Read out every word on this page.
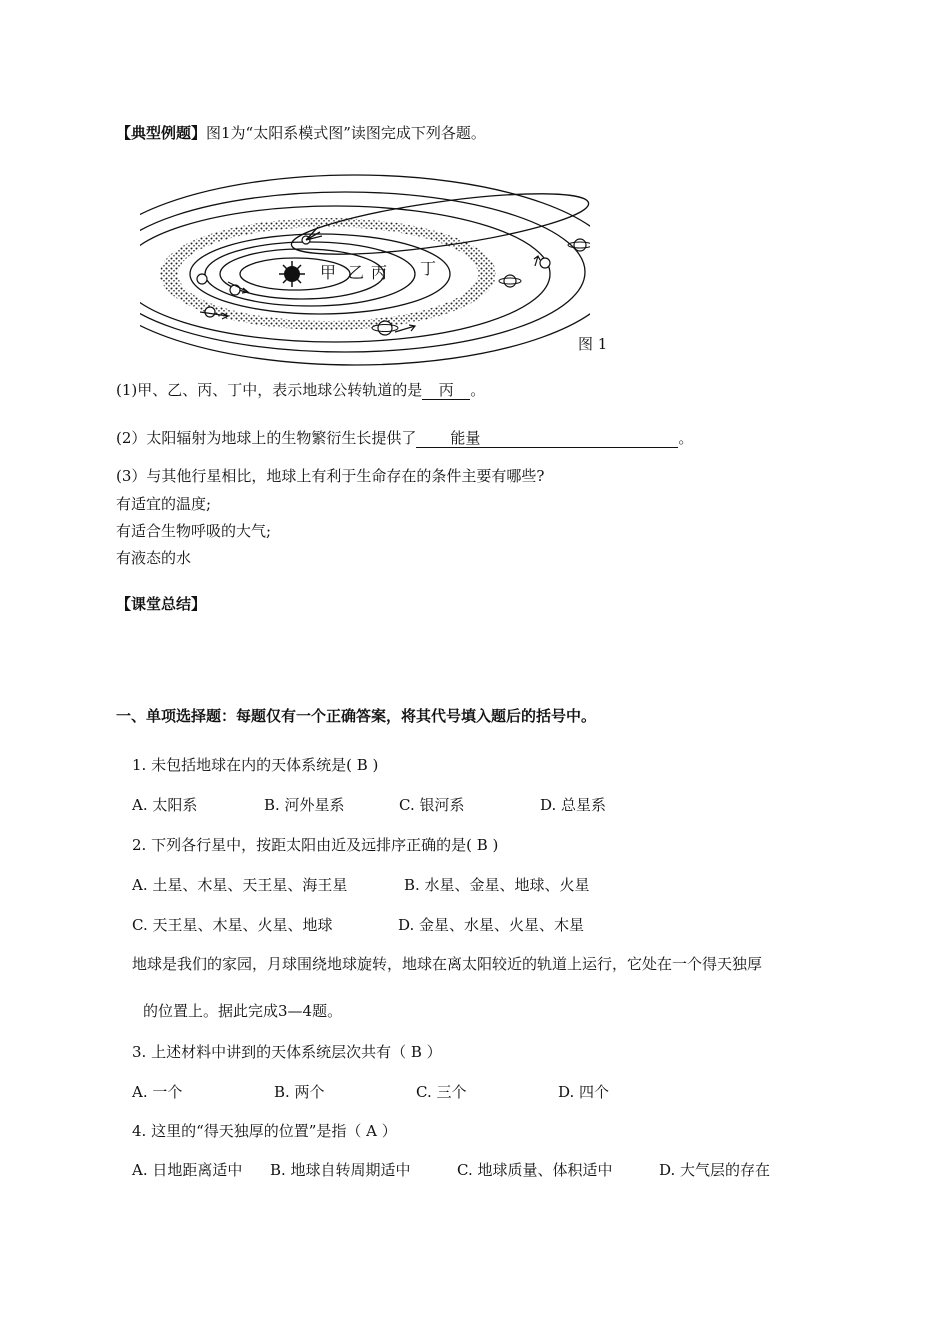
【典型例题】图1为“太阳系模式图”读图完成下列各题。
甲 乙 丙 丁
图 1
(1)甲、乙、丙、丁中，表示地球公转轨道的是 丙 。
(2）太阳辐射为地球上的生物繁衍生长提供了 能量	。
(3）与其他行星相比，地球上有利于生命存在的条件主要有哪些?
有适宜的温度;
有适合生物呼吸的大气;
有液态的水
【课堂总结】
一、单项选择题：每题仅有一个正确答案，将其代号填入题后的括号中。
1. 未包括地球在内的天体系统是( B )
A. 太阳系	B. 河外星系	C. 银河系	D. 总星系
2. 下列各行星中，按距太阳由近及远排序正确的是( B )
A. 土星、木星、天王星、海王星	B. 水星、金星、地球、火星
C. 天王星、木星、火星、地球	D. 金星、水星、火星、木星
地球是我们的家园，月球围绕地球旋转，地球在离太阳较近的轨道上运行，它处在一个得天独厚
的位置上。据此完成3—4题。
3. 上述材料中讲到的天体系统层次共有（ B ）
A. 一个	B. 两个	C. 三个	D. 四个
4. 这里的“得天独厚的位置”是指（ A ）
A. 日地距离适中 B. 地球自转周期适中	C. 地球质量、体积适中	D. 大气层的存在
